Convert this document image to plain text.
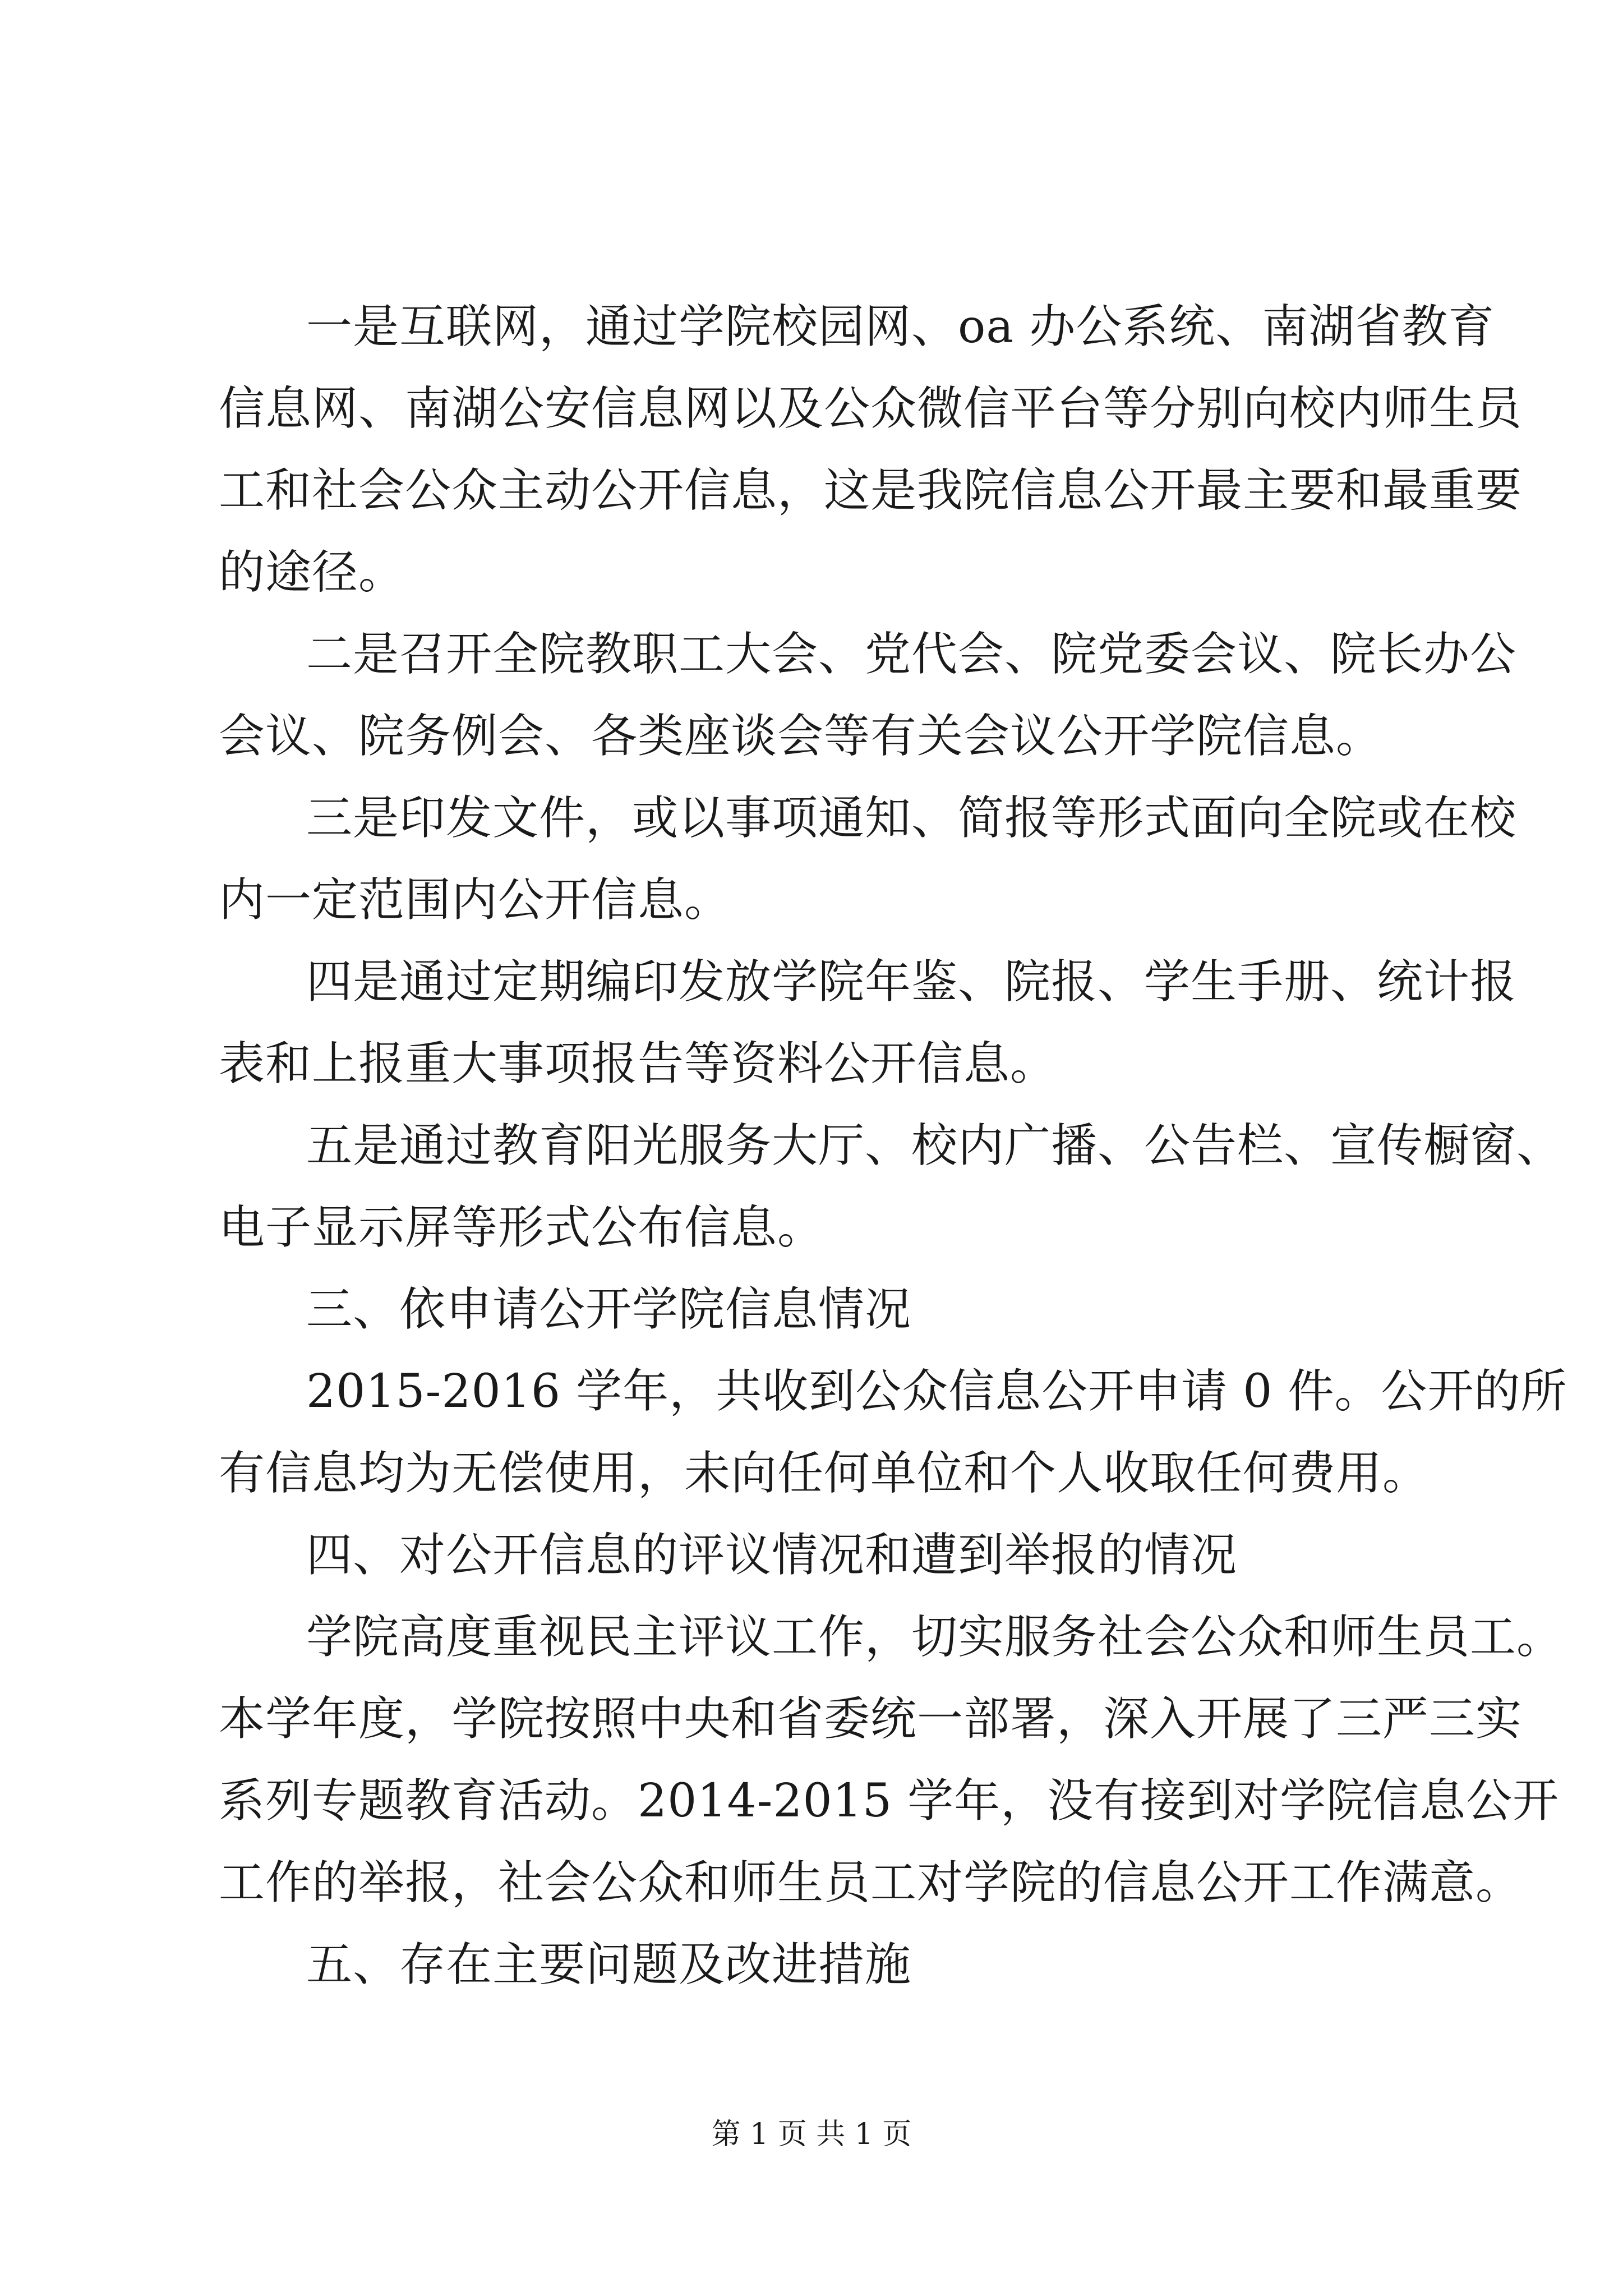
一是互联网，通过学院校园网、oa 办公系统、南湖省教育
信息网、南湖公安信息网以及公众微信平台等分别向校内师生员
工和社会公众主动公开信息，这是我院信息公开最主要和最重要
的途径。
二是召开全院教职工大会、党代会、院党委会议、院长办公
会议、院务例会、各类座谈会等有关会议公开学院信息。
三是印发文件，或以事项通知、简报等形式面向全院或在校
内一定范围内公开信息。
四是通过定期编印发放学院年鉴、院报、学生手册、统计报
表和上报重大事项报告等资料公开信息。
五是通过教育阳光服务大厅、校内广播、公告栏、宣传橱窗、
电子显示屏等形式公布信息。
三、依申请公开学院信息情况
2015-2016 学年，共收到公众信息公开申请 0 件。公开的所
有信息均为无偿使用，未向任何单位和个人收取任何费用。
四、对公开信息的评议情况和遭到举报的情况
学院高度重视民主评议工作，切实服务社会公众和师生员工。
本学年度，学院按照中央和省委统一部署，深入开展了三严三实
系列专题教育活动。2014-2015 学年，没有接到对学院信息公开
工作的举报，社会公众和师生员工对学院的信息公开工作满意。
五、存在主要问题及改进措施
第 1 页 共 1 页
